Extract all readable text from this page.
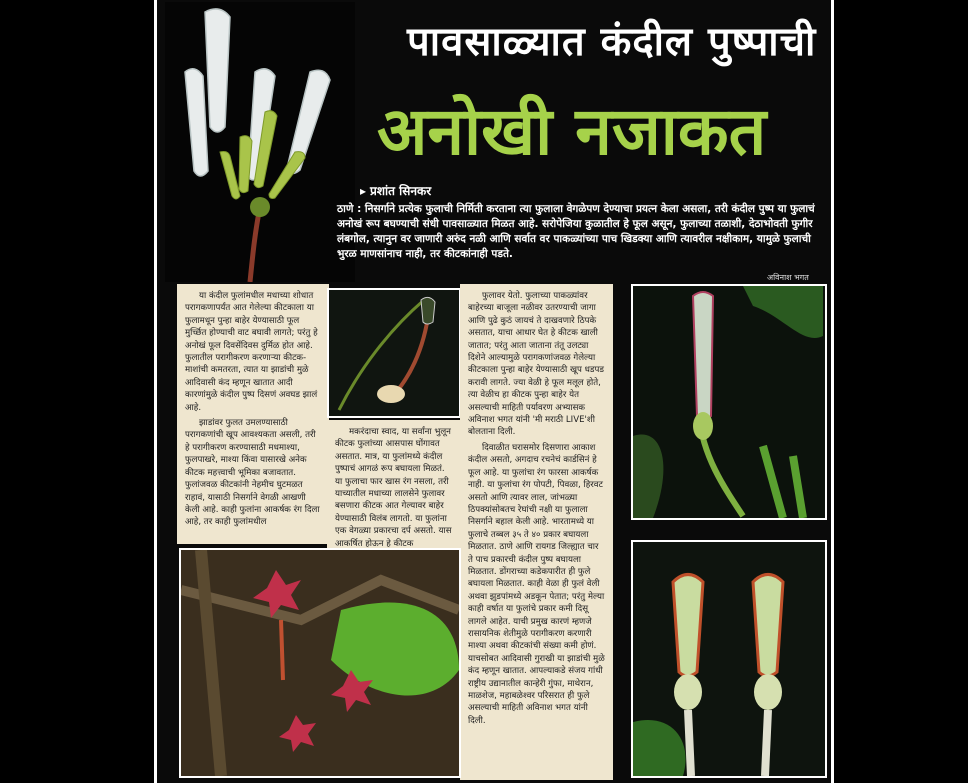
पावसाळ्यात कंदील पुष्पाची
अनोखी नजाकत
▸ प्रशांत सिनकर
ठाणे : निसर्गाने प्रत्येक फुलाची निर्मिती करताना त्या फुलाला वेगळेपण देण्याचा प्रयत्न केला असला, तरी कंदील पुष्प या फुलाचं अनोखं रूप बघण्याची संधी पावसाळ्यात मिळत आहे. सरोपेजिया कुळातील हे फूल असून, फुलाच्या तळाशी, देठाभोवती फुगीर लंबगोल, त्यानुन वर जाणारी अरुंद नळी आणि सर्वात वर पाकळ्यांच्या पाच खिडक्या आणि त्यावरील नक्षीकाम, यामुळे फुलाची भुरळ माणसांनाच नाही, तर कीटकांनाही पडते.
अविनाश भगत

या कंदील फुलांमधील मधाच्या शोधात परागकणापर्यंत आत गेलेल्या कीटकाला या फुलामधून पुन्हा बाहेर येण्यासाठी फूल मुर्च्छित होण्याची वाट बघावी लागते; परंतु हे अनोखं फूल दिवसेंदिवस दुर्मिळ होत आहे. फुलातील परागीकरण करणाऱ्या कीटक-माशांची कमतरता, त्यात या झाडांची मुळे आदिवासी कंद म्हणून खातात आदी कारणांमुळे कंदील पुष्प दिसणं अवघड झालं आहे.

झाडांवर फुलत उमलण्यासाठी परागकणांची खूप आवश्यकता असली, तरी हे परागीकरण करण्यासाठी मधमाश्या, फुलपाखरे, माश्या किंवा यासारखे अनेक कीटक महत्त्वाची भूमिका बजावतात. फुलांजवळ कीटकांनी नेहमीच घुटमळत राहावं, यासाठी निसर्गाने वेगळी आखणी केली आहे. काही फुलांना आकर्षक रंग दिला आहे, तर काही फुलांमधील

मकरंदाचा स्वाद, या सर्वांना भुलून कीटक फुलांच्या आसपास घोंगावत असतात. मात्र, या फुलांमध्ये कंदील पुष्पाचं आगळं रूप बघायला मिळतं. या फुलाचा फार खास रंग नसला, तरी याच्यातील मधाच्या लालसेने फुलावर बसणारा कीटक आत गेल्यावर बाहेर येण्यासाठी विलंब लागतो. या फुलांना एक वेगळ्या प्रकारचा दर्प असतो. यास आकर्षित होऊन हे कीटक

फुलावर येतो. फुलाच्या पाकळ्यांवर बाहेरच्या बाजूला नळीवर उतरण्याची जागा आणि पुढे कुठं जायचं ते दाखवणारे ठिपके असतात, याचा आधार घेत हे कीटक खाली जातात; परंतु आता जाताना तंतू उलट्या दिशेने आल्यामुळे परागकणांजवळ गेलेल्या कीटकाला पुन्हा बाहेर येण्यासाठी खूप धडपड करावी लागते. ज्या वेळी हे फूल मलूल होते, त्या वेळीच हा कीटक पुन्हा बाहेर येत असल्याची माहिती पर्यावरण अभ्यासक अविनाश भगत यांनी 'मी मराठी LIVE'शी बोलताना दिली.

दिवाळीत घरासमोर दिसणारा आकाश कंदील असतो, अगदाच रचनेचं कार्डसिनं हे फूल आहे. या फुलांचा रंग फारसा आकर्षक नाही. या फुलांचा रंग पोपटी, पिवळा, हिरवट असतो आणि त्यावर लाल, जांभळ्या ठिपक्यांसोबतच रेघांची नक्षी या फुलाला निसर्गाने बहाल केली आहे. भारतामध्ये या फुलाचे तब्बल ३५ ते ४० प्रकार बघायला मिळतात. ठाणे आणि रायगड जिल्ह्यात चार ते पाच प्रकारची कंदील पुष्प बघायला मिळतात. डोंगराच्या कडेकपारीत ही फुले बघायला मिळतात. काही वेळा ही फुलं वेली अथवा झुडपांमध्ये अडकून पेतात; परंतु मेल्या काही वर्षात या फुलांचे प्रकार कमी दिसू लागले आहेत. याची प्रमुख कारणं म्हणजे रासायनिक शेतीमुळे परागीकरण करणारी माश्या अथवा कीटकांची संख्या कमी होणं. याचसोबत आदिवासी गुराखी या झाडांची मुळे कंद म्हणून खातात. आपल्याकडे संजय गांधी राष्ट्रीय उद्यानातील कान्हेरी गुंफा, माथेरान, माळशेज, महाबळेश्वर परिसरात ही फुले असल्याची माहिती अविनाश भगत यांनी दिली.
